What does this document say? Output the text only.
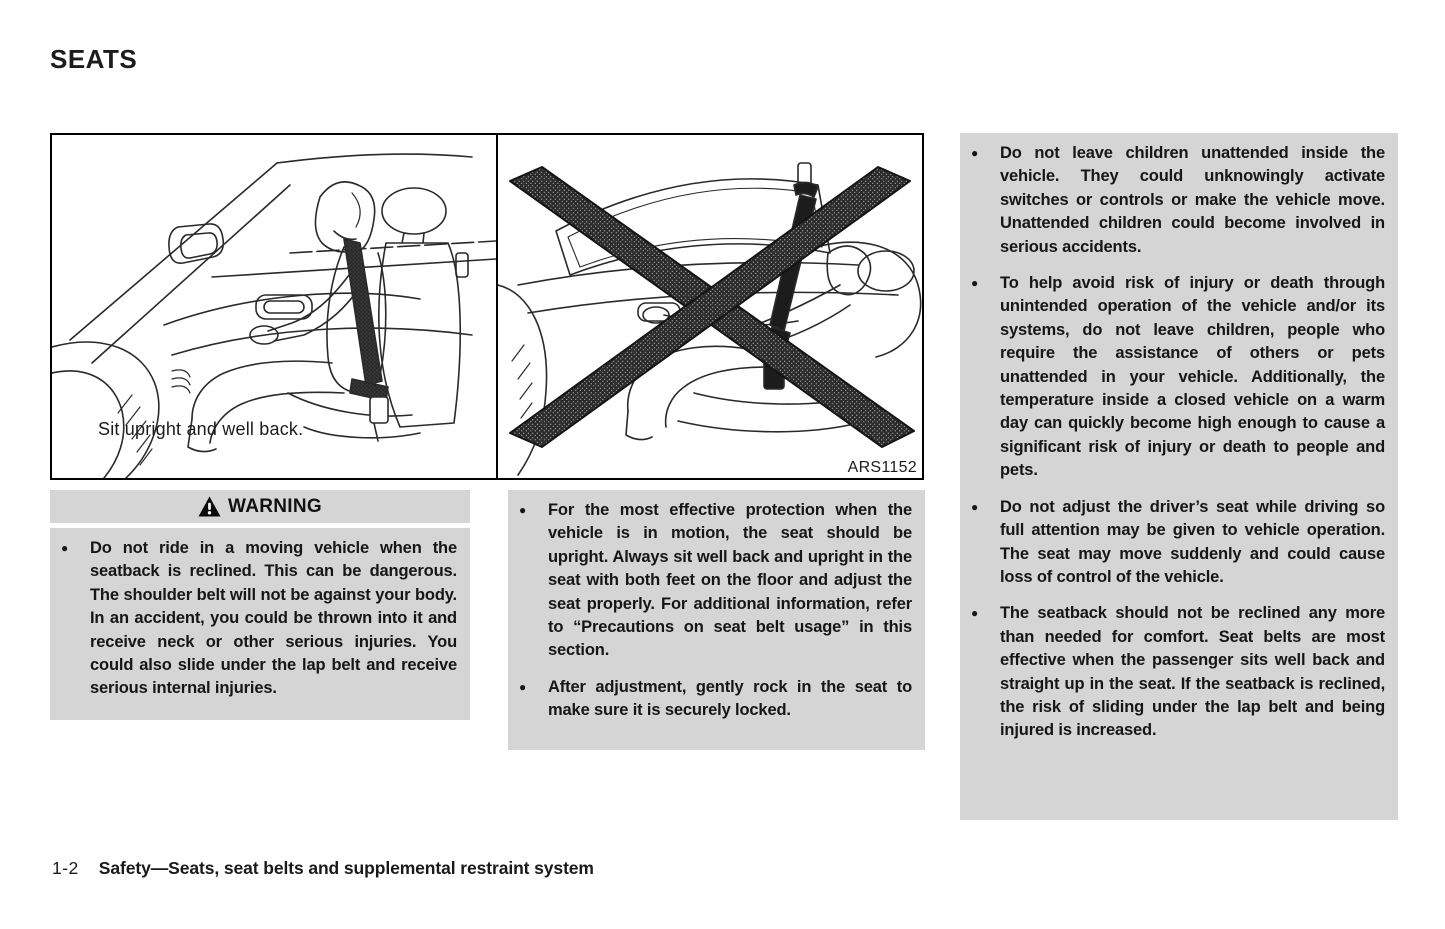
SEATS
Sit upright and well back.
ARS1152
WARNING

● Do not ride in a moving vehicle when the seatback is reclined. This can be dangerous. The shoulder belt will not be against your body. In an accident, you could be thrown into it and receive neck or other serious injuries. You could also slide under the lap belt and receive serious internal injuries.

● For the most effective protection when the vehicle is in motion, the seat should be upright. Always sit well back and upright in the seat with both feet on the floor and adjust the seat properly. For additional information, refer to “Precautions on seat belt usage” in this section.

● After adjustment, gently rock in the seat to make sure it is securely locked.

● Do not leave children unattended inside the vehicle. They could unknowingly activate switches or controls or make the vehicle move. Unattended children could become involved in serious accidents.

● To help avoid risk of injury or death through unintended operation of the vehicle and/or its systems, do not leave children, people who require the assistance of others or pets unattended in your vehicle. Additionally, the temperature inside a closed vehicle on a warm day can quickly become high enough to cause a significant risk of injury or death to people and pets.

● Do not adjust the driver’s seat while driving so full attention may be given to vehicle operation. The seat may move suddenly and could cause loss of control of the vehicle.

● The seatback should not be reclined any more than needed for comfort. Seat belts are most effective when the passenger sits well back and straight up in the seat. If the seatback is reclined, the risk of sliding under the lap belt and being injured is increased.

1-2 Safety—Seats, seat belts and supplemental restraint system
